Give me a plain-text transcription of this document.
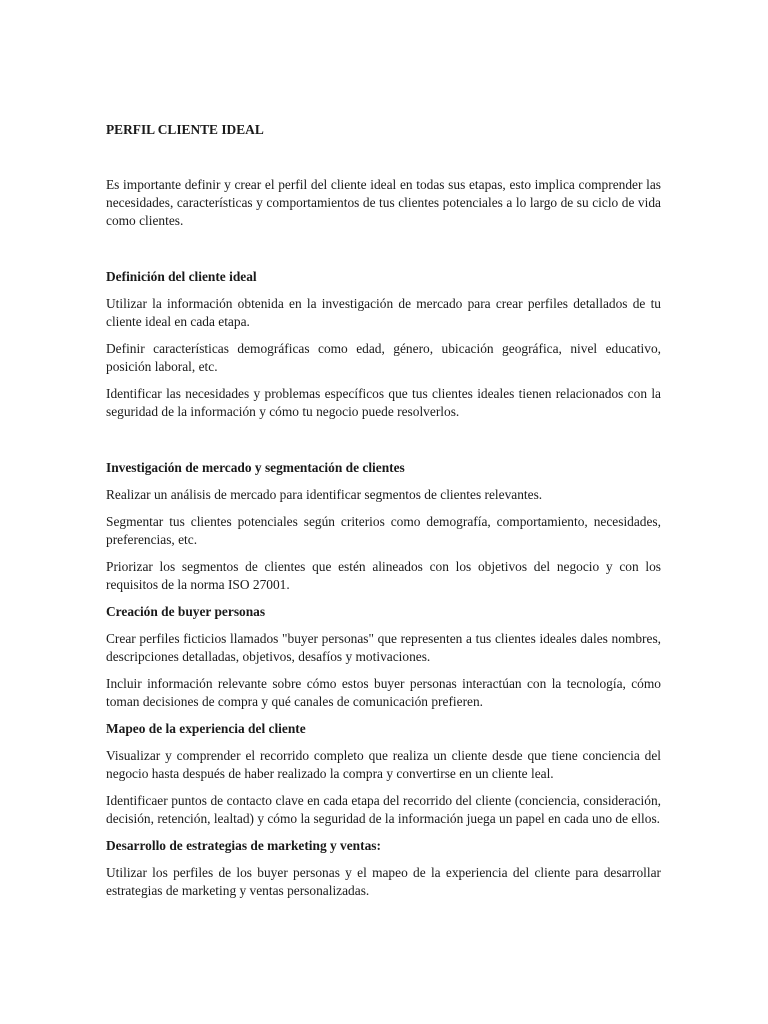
PERFIL CLIENTE IDEAL

Es importante definir y crear el perfil del cliente ideal en todas sus etapas, esto implica comprender las necesidades, características y comportamientos de tus clientes potenciales a lo largo de su ciclo de vida como clientes.

Definición del cliente ideal

Utilizar la información obtenida en la investigación de mercado para crear perfiles detallados de tu cliente ideal en cada etapa.

Definir características demográficas como edad, género, ubicación geográfica, nivel educativo, posición laboral, etc.

Identificar las necesidades y problemas específicos que tus clientes ideales tienen relacionados con la seguridad de la información y cómo tu negocio puede resolverlos.

Investigación de mercado y segmentación de clientes

Realizar un análisis de mercado para identificar segmentos de clientes relevantes.

Segmentar tus clientes potenciales según criterios como demografía, comportamiento, necesidades, preferencias, etc.

Priorizar los segmentos de clientes que estén alineados con los objetivos del negocio y con los requisitos de la norma ISO 27001.

Creación de buyer personas

Crear perfiles ficticios llamados "buyer personas" que representen a tus clientes ideales dales nombres, descripciones detalladas, objetivos, desafíos y motivaciones.

Incluir información relevante sobre cómo estos buyer personas interactúan con la tecnología, cómo toman decisiones de compra y qué canales de comunicación prefieren.

Mapeo de la experiencia del cliente

Visualizar y comprender el recorrido completo que realiza un cliente desde que tiene conciencia del negocio hasta después de haber realizado la compra y convertirse en un cliente leal.

Identificaer puntos de contacto clave en cada etapa del recorrido del cliente (conciencia, consideración, decisión, retención, lealtad) y cómo la seguridad de la información juega un papel en cada uno de ellos.

Desarrollo de estrategias de marketing y ventas:

Utilizar los perfiles de los buyer personas y el mapeo de la experiencia del cliente para desarrollar estrategias de marketing y ventas personalizadas.
